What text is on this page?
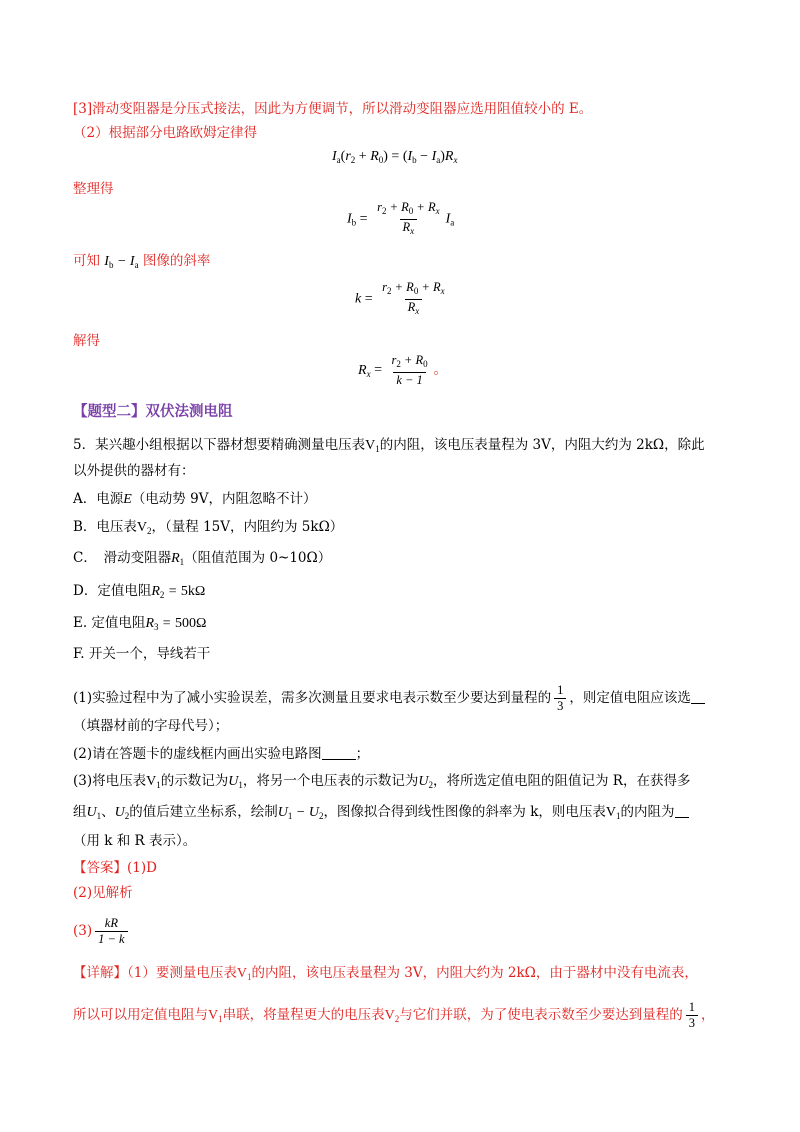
[3]滑动变阻器是分压式接法，因此为方便调节，所以滑动变阻器应选用阻值较小的 E。
（2）根据部分电路欧姆定律得
$I_a(r_2 + R_0) = (I_b - I_a)R_x$
整理得
$I_b = \frac{r_2 + R_0 + R_x}{R_x} I_a$
可知 $I_b - I_a$ 图像的斜率
$k = \frac{r_2 + R_0 + R_x}{R_x}$
解得
$R_x = \frac{r_2 + R_0}{k - 1}$ 。
【题型二】双伏法测电阻
5．某兴趣小组根据以下器材想要精确测量电压表$V_1$的内阻，该电压表量程为 3V，内阻大约为 2kΩ，除此
以外提供的器材有：
A．电源E（电动势 9V，内阻忽略不计）
B．电压表$V_2$，（量程 15V，内阻约为 5kΩ）
C．　滑动变阻器$R_1$（阻值范围为 0~10Ω）
D．定值电阻$R_2 = 5k\Omega$
E. 定值电阻$R_3 = 500\Omega$
F. 开关一个，导线若干
(1)实验过程中为了减小实验误差，需多次测量且要求电表示数至少要达到量程的 $\frac{1}{3}$ ，则定值电阻应该选
（填器材前的字母代号）；
(2)请在答题卡的虚线框内画出实验电路图	；
(3)将电压表$V_1$的示数记为$U_1$，将另一个电压表的示数记为$U_2$，将所选定值电阻的阻值记为 R，在获得多
组$U_1$、$U_2$的值后建立坐标系，绘制$U_1 - U_2$，图像拟合得到线性图像的斜率为 k，则电压表$V_1$的内阻为
（用 k 和 R 表示）。
【答案】(1)D
(2)见解析
$(3) \frac{kR}{1 - k}$
【详解】（1）要测量电压表$V_1$的内阻，该电压表量程为 3V，内阻大约为 2kΩ，由于器材中没有电流表，
所以可以用定值电阻与$V_1$串联，将量程更大的电压表$V_2$与它们并联，为了使电表示数至少要达到量程的 $\frac{1}{3}$ ，
